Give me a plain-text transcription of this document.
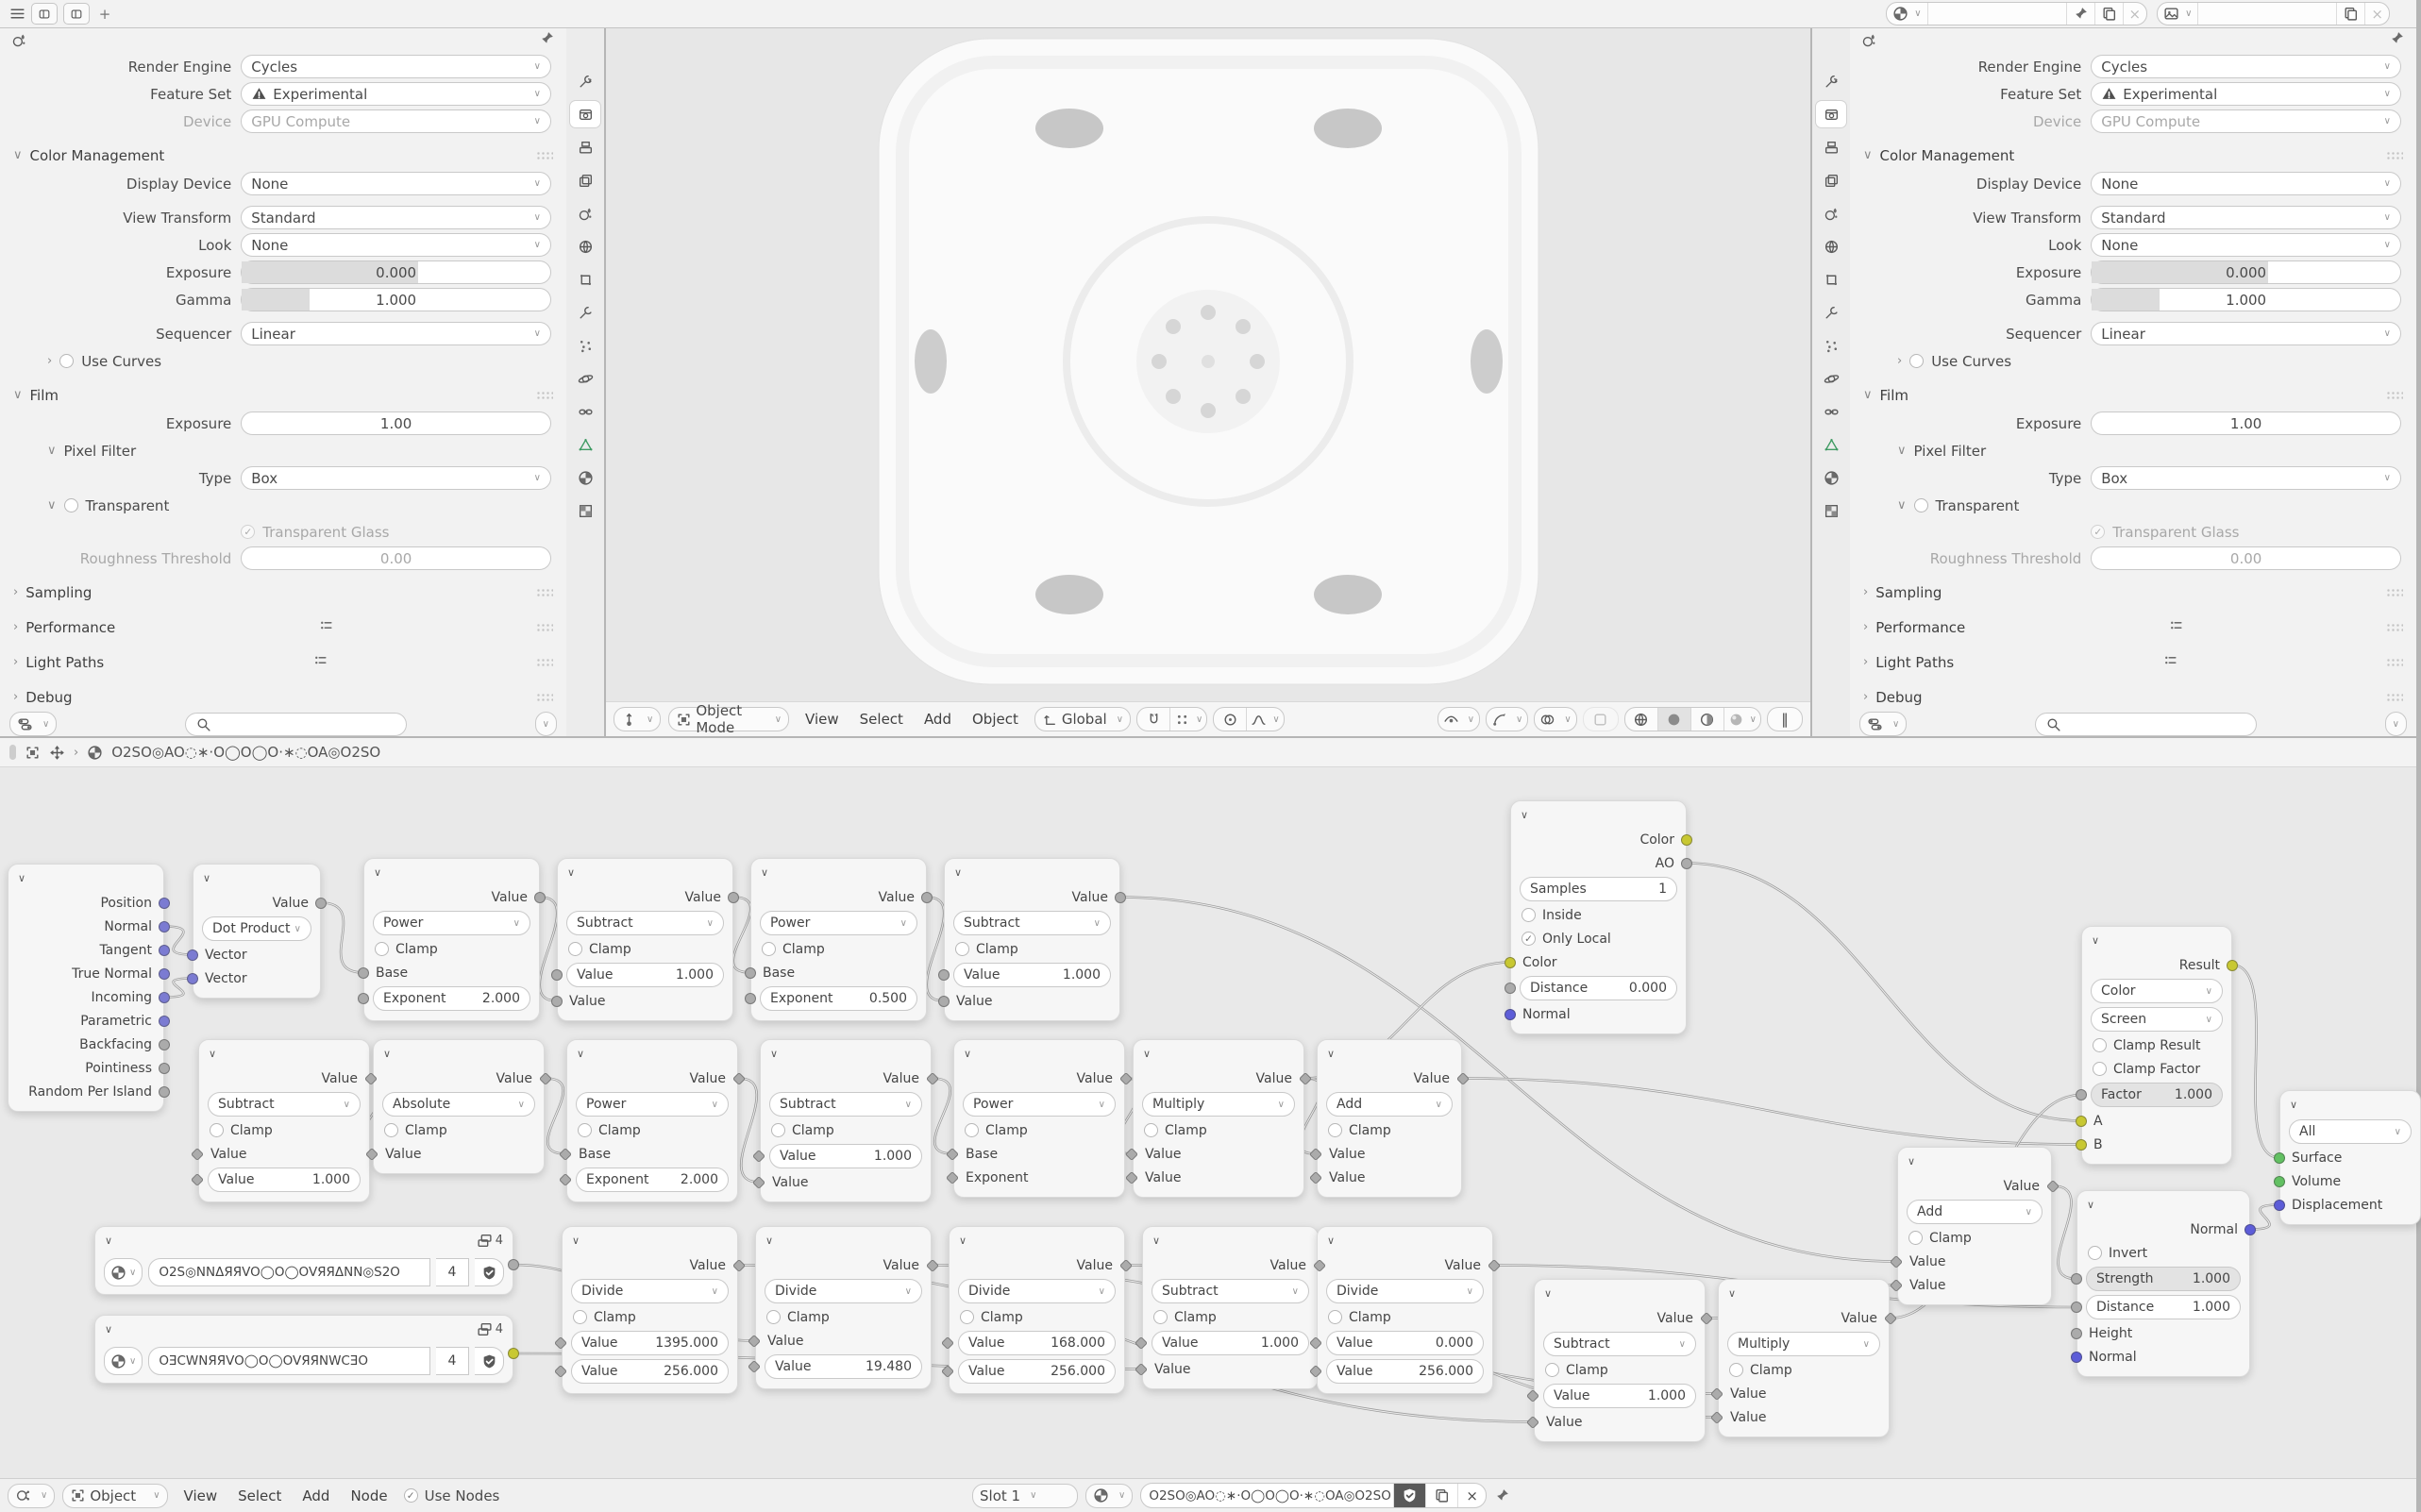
+	∨	×	∨	×
Render Engine Cycles	∨
Feature Set	Experimental	∨
Device GPU Compute	∨
∨ Color Management
Display Device None	∨
View Transform Standard	∨
Look None	∨
Exposure	0.000
Gamma	1.000
Sequencer Linear	∨
› Use Curves
∨ Film
Exposure	1.00
∨ Pixel Filter
Type Box	∨
∨ Transparent
✓ Transparent Glass
Roughness Threshold	0.00
› Sampling
› Performance
› Light Paths
› Debug
∨	∨	∨	Object Mode	∨	View	Select	Add	Object	Global ∨	∨	∨	∨	∨	∨	∨	‖
Render Engine Cycles	∨
Feature Set	Experimental	∨
Device GPU Compute	∨
∨ Color Management
Display Device None	∨
View Transform Standard	∨
Look None	∨
Exposure	0.000
Gamma	1.000
Sequencer Linear	∨
› Use Curves
∨ Film
Exposure	1.00
∨ Pixel Filter
Type Box	∨
∨ Transparent
✓ Transparent Glass
Roughness Threshold	0.00
› Sampling
› Performance
› Light Paths
› Debug
∨	∨
› O2SO◎AO◌∗·O◯O◯O·∗◌OA◎O2SO
∨
Position
Normal
Tangent
True Normal
Incoming
Parametric
Backfacing
Pointiness
Random Per Island
∨
Value
Dot Product ∨
Vector
Vector
∨
Value
Power	∨
Clamp
Base
Exponent	2.000
∨
Value
Subtract	∨
Clamp
Value	1.000
Value
∨
Value
Power	∨
Clamp
Base
Exponent	0.500
∨
Value
Subtract	∨
Clamp
Value	1.000
Value
∨
Value
Subtract	∨
Clamp
Value
Value	1.000
∨
Value
Absolute	∨
Clamp
Value
∨
Value
Power	∨
Clamp
Base
Exponent 2.000
∨
Value
Subtract	∨
Clamp
Value	1.000
Value
∨
Value
Power	∨
Clamp
Base
Exponent
∨
Value
Multiply	∨
Clamp
Value
Value
∨
Value
Add	∨
Clamp
Value
Value
∨
Color
AO
Samples	1
Inside
✓ Only Local
Color
Distance	0.000
Normal
∨	4
∨	O2S◎NNΔЯЯVO◯O◯OVЯЯΔNN◎S2O	4
∨	4
∨	OƎCWNЯЯVO◯O◯OVЯЯNWCƎO	4
∨
Value
Divide	∨
Clamp
Value	1395.000
Value	256.000
∨
Value
Divide	∨
Clamp
Value
Value	19.480
∨
Value
Divide	∨
Clamp
Value	168.000
Value	256.000
∨
Value
Subtract	∨
Clamp
Value	1.000
Value
∨
Value
Divide	∨
Clamp
Value	0.000
Value	256.000
∨
Value
Subtract	∨
Clamp
Value	1.000
Value
∨
Value
Multiply	∨
Clamp
Value
Value
∨
Value
Add	∨
Clamp
Value
Value
∨
Result
Color	∨
Screen	∨
Clamp Result
Clamp Factor
Factor	1.000
A
B
∨
Normal
Invert
Strength	1.000
Distance	1.000
Height
Normal
∨
All	∨
Surface
Volume
Displacement
∨	Object ∨	View	Select	Add	Node	✓ Use Nodes	Slot 1 ∨	∨	O2SO◎AO◌∗·O◯O◯O·∗◌OA◎O2SO	×
